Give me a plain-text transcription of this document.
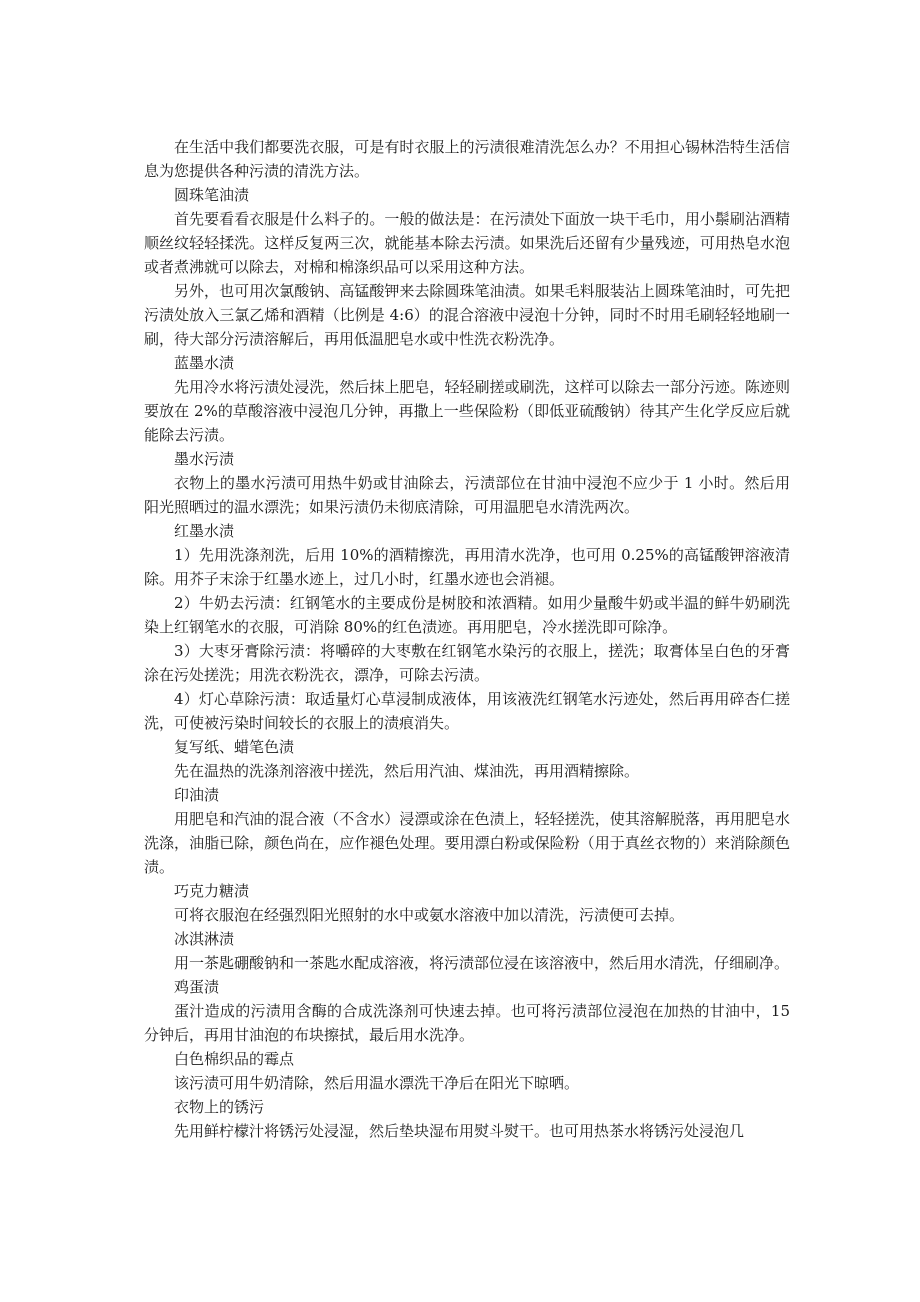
在生活中我们都要洗衣服，可是有时衣服上的污渍很难清洗怎么办？不用担心锡林浩特生活信息为您提供各种污渍的清洗方法。

圆珠笔油渍

首先要看看衣服是什么料子的。一般的做法是：在污渍处下面放一块干毛巾，用小鬃刷沾酒精顺丝纹轻轻揉洗。这样反复两三次，就能基本除去污渍。如果洗后还留有少量残迹，可用热皂水泡或者煮沸就可以除去，对棉和棉涤织品可以采用这种方法。

另外，也可用次氯酸钠、高锰酸钾来去除圆珠笔油渍。如果毛料服装沾上圆珠笔油时，可先把污渍处放入三氯乙烯和酒精（比例是 4:6）的混合溶液中浸泡十分钟，同时不时用毛刷轻轻地刷一刷，待大部分污渍溶解后，再用低温肥皂水或中性洗衣粉洗净。

蓝墨水渍

先用冷水将污渍处浸洗，然后抹上肥皂，轻轻刷搓或刷洗，这样可以除去一部分污迹。陈迹则要放在 2%的草酸溶液中浸泡几分钟，再撒上一些保险粉（即低亚硫酸钠）待其产生化学反应后就能除去污渍。

墨水污渍

衣物上的墨水污渍可用热牛奶或甘油除去，污渍部位在甘油中浸泡不应少于 1 小时。然后用阳光照晒过的温水漂洗；如果污渍仍未彻底清除，可用温肥皂水清洗两次。

红墨水渍

1）先用洗涤剂洗，后用 10%的酒精擦洗，再用清水洗净，也可用 0.25%的高锰酸钾溶液清除。用芥子末涂于红墨水迹上，过几小时，红墨水迹也会消褪。

2）牛奶去污渍：红钢笔水的主要成份是树胶和浓酒精。如用少量酸牛奶或半温的鲜牛奶刷洗染上红钢笔水的衣服，可消除 80%的红色渍迹。再用肥皂，冷水搓洗即可除净。

3）大枣牙膏除污渍：将嚼碎的大枣敷在红钢笔水染污的衣服上，搓洗；取膏体呈白色的牙膏涂在污处搓洗；用洗衣粉洗衣，漂净，可除去污渍。

4）灯心草除污渍：取适量灯心草浸制成液体，用该液洗红钢笔水污迹处，然后再用碎杏仁搓洗，可使被污染时间较长的衣服上的渍痕消失。

复写纸、蜡笔色渍

先在温热的洗涤剂溶液中搓洗，然后用汽油、煤油洗，再用酒精擦除。

印油渍

用肥皂和汽油的混合液（不含水）浸漂或涂在色渍上，轻轻搓洗，使其溶解脱落，再用肥皂水洗涤，油脂已除，颜色尚在，应作褪色处理。要用漂白粉或保险粉（用于真丝衣物的）来消除颜色渍。

巧克力糖渍

可将衣服泡在经强烈阳光照射的水中或氨水溶液中加以清洗，污渍便可去掉。

冰淇淋渍

用一茶匙硼酸钠和一茶匙水配成溶液，将污渍部位浸在该溶液中，然后用水清洗，仔细刷净。

鸡蛋渍

蛋汁造成的污渍用含酶的合成洗涤剂可快速去掉。也可将污渍部位浸泡在加热的甘油中，15 分钟后，再用甘油泡的布块擦拭，最后用水洗净。

白色棉织品的霉点

该污渍可用牛奶清除，然后用温水漂洗干净后在阳光下晾晒。

衣物上的锈污

先用鲜柠檬汁将锈污处浸湿，然后垫块湿布用熨斗熨干。也可用热茶水将锈污处浸泡几
